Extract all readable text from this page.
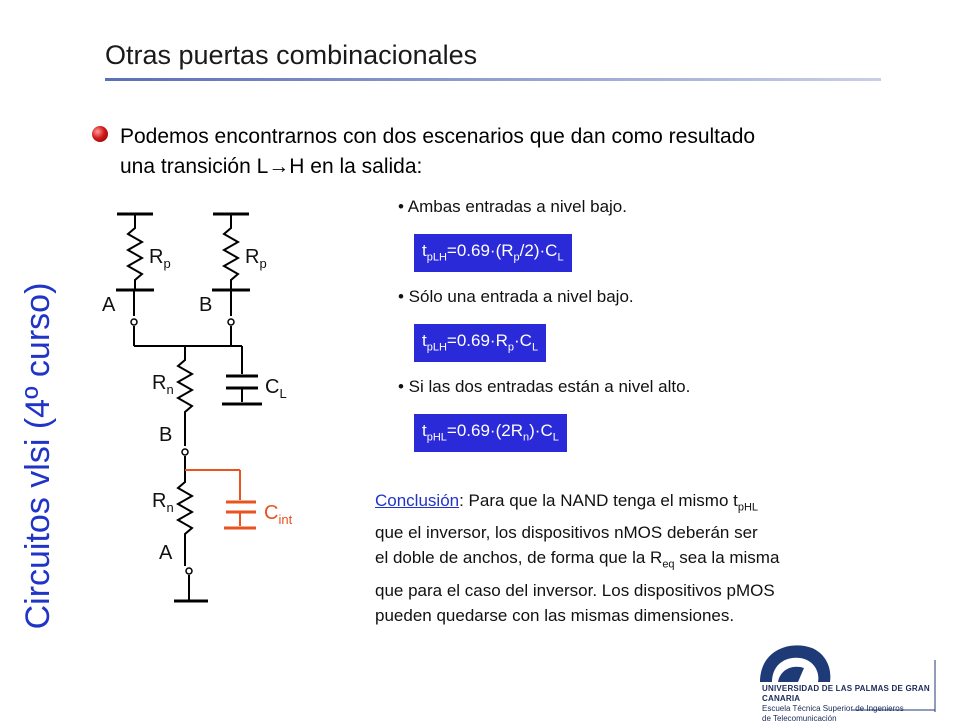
Circuitos vlsi (4º curso)
Otras puertas combinacionales
Podemos encontrarnos con dos escenarios que dan como resultado
una transición L→H en la salida:
• Ambas entradas a nivel bajo.
$t_{pLH}=0.69\cdot(R_p/2)\cdot C_L$
• Sólo una entrada a nivel bajo.
$t_{pLH}=0.69\cdot R_p\cdot C_L$
• Si las dos entradas están a nivel alto.
$t_{pHL}=0.69\cdot(2R_n)\cdot C_L$
$R_p$	$R_p$
A	B
$R_n$	$C_L$
B
$R_n$	$C_{int}$
A
Conclusión: Para que la NAND tenga el mismo $t_{pHL}$
que el inversor, los dispositivos nMOS deberán ser
el doble de anchos, de forma que la $R_{eq}$ sea la misma
que para el caso del inversor. Los dispositivos pMOS
pueden quedarse con las mismas dimensiones.
UNIVERSIDAD DE LAS PALMAS DE GRAN CANARIA
Escuela Técnica Superior de Ingenieros
de Telecomunicación
